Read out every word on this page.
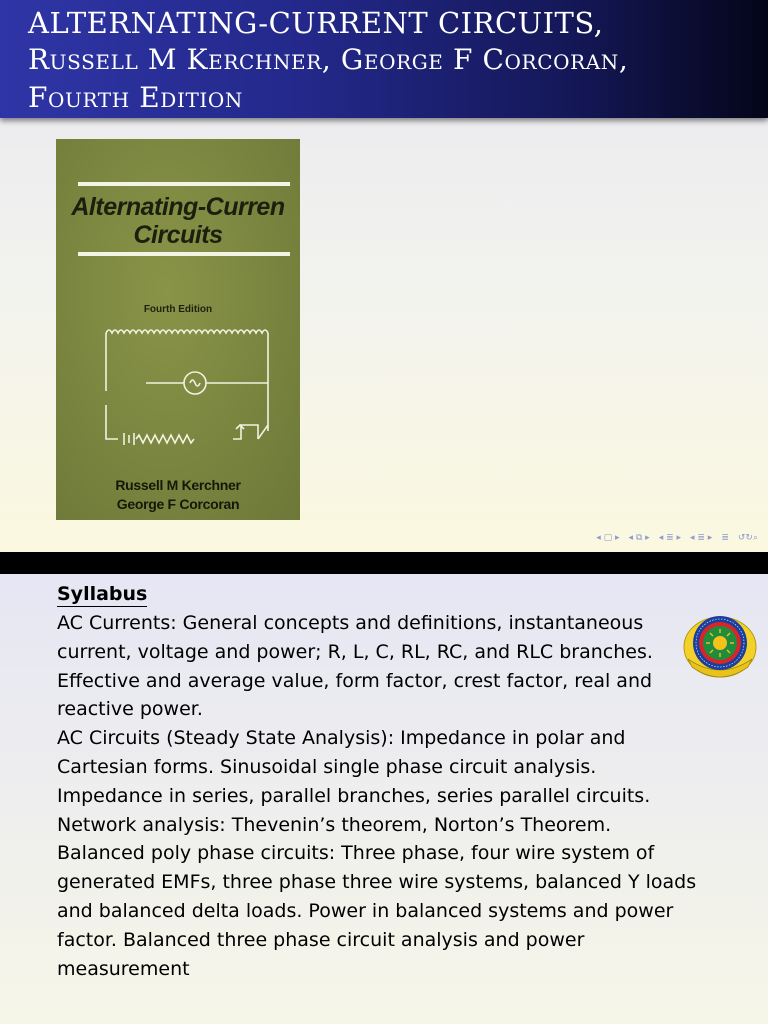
ALTERNATING-CURRENT CIRCUITS,
Russell M Kerchner, George F Corcoran,
Fourth Edition
Alternating-Curren
Circuits
Fourth Edition
Russell M Kerchner
George F Corcoran
◂ ▢ ▸ ◂ ⧉ ▸ ◂ ≣ ▸ ◂ ≣ ▸ ≣ ↺↻⌕
Syllabus
AC Currents: General concepts and definitions, instantaneous
current, voltage and power; R, L, C, RL, RC, and RLC branches.
Effective and average value, form factor, crest factor, real and
reactive power.
AC Circuits (Steady State Analysis): Impedance in polar and
Cartesian forms. Sinusoidal single phase circuit analysis.
Impedance in series, parallel branches, series parallel circuits.
Network analysis: Thevenin’s theorem, Norton’s Theorem.
Balanced poly phase circuits: Three phase, four wire system of
generated EMFs, three phase three wire systems, balanced Y loads
and balanced delta loads. Power in balanced systems and power
factor. Balanced three phase circuit analysis and power
measurement
